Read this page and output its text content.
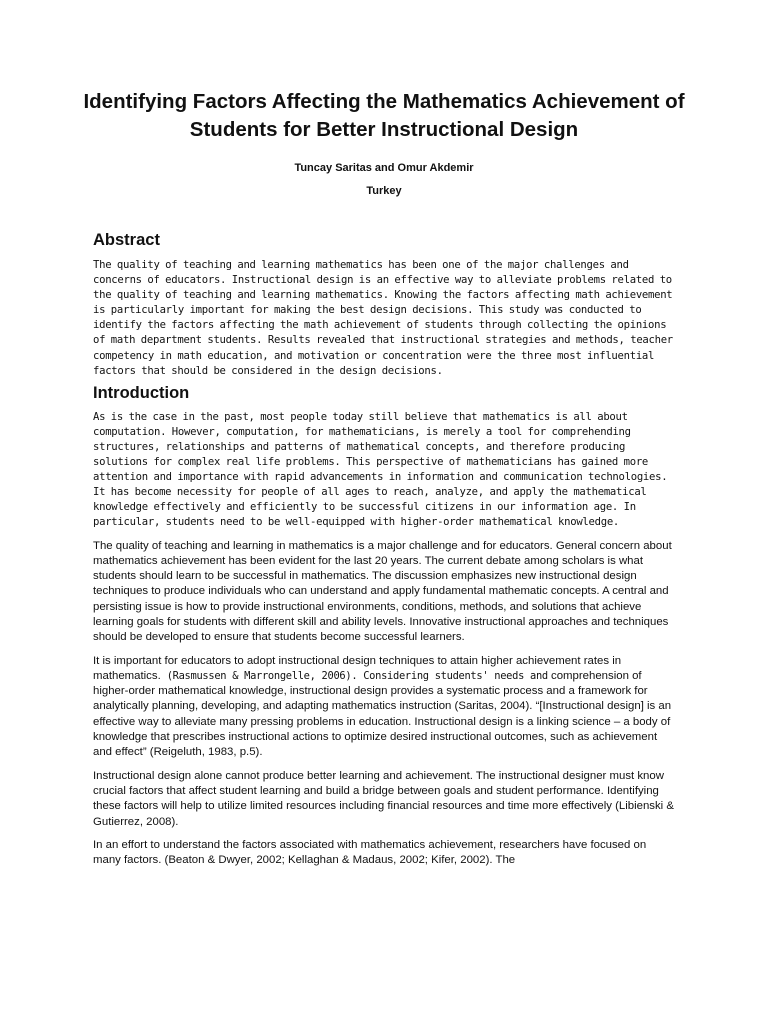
Identifying Factors Affecting the Mathematics Achievement of Students for Better Instructional Design
Tuncay Saritas and Omur Akdemir
Turkey
Abstract

The quality of teaching and learning mathematics has been one of the major challenges and concerns of educators. Instructional design is an effective way to alleviate problems related to the quality of teaching and learning mathematics. Knowing the factors affecting math achievement is particularly important for making the best design decisions. This study was conducted to identify the factors affecting the math achievement of students through collecting the opinions of math department students. Results revealed that instructional strategies and methods, teacher competency in math education, and motivation or concentration were the three most influential factors that should be considered in the design decisions.

Introduction

As is the case in the past, most people today still believe that mathematics is all about computation. However, computation, for mathematicians, is merely a tool for comprehending structures, relationships and patterns of mathematical concepts, and therefore producing solutions for complex real life problems. This perspective of mathematicians has gained more attention and importance with rapid advancements in information and communication technologies. It has become necessity for people of all ages to reach, analyze, and apply the mathematical knowledge effectively and efficiently to be successful citizens in our information age. In particular, students need to be well-equipped with higher-order mathematical knowledge.

The quality of teaching and learning in mathematics is a major challenge and for educators. General concern about mathematics achievement has been evident for the last 20 years. The current debate among scholars is what students should learn to be successful in mathematics. The discussion emphasizes new instructional design techniques to produce individuals who can understand and apply fundamental mathematic concepts. A central and persisting issue is how to provide instructional environments, conditions, methods, and solutions that achieve learning goals for students with different skill and ability levels. Innovative instructional approaches and techniques should be developed to ensure that students become successful learners.

It is important for educators to adopt instructional design techniques to attain higher achievement rates in mathematics. (Rasmussen & Marrongelle, 2006). Considering students' needs and comprehension of higher-order mathematical knowledge, instructional design provides a systematic process and a framework for analytically planning, developing, and adapting mathematics instruction (Saritas, 2004). “[Instructional design] is an effective way to alleviate many pressing problems in education. Instructional design is a linking science – a body of knowledge that prescribes instructional actions to optimize desired instructional outcomes, such as achievement and effect” (Reigeluth, 1983, p.5).

Instructional design alone cannot produce better learning and achievement. The instructional designer must know crucial factors that affect student learning and build a bridge between goals and student performance. Identifying these factors will help to utilize limited resources including financial resources and time more effectively (Libienski & Gutierrez, 2008).

In an effort to understand the factors associated with mathematics achievement, researchers have focused on many factors. (Beaton & Dwyer, 2002; Kellaghan & Madaus, 2002; Kifer, 2002). The
